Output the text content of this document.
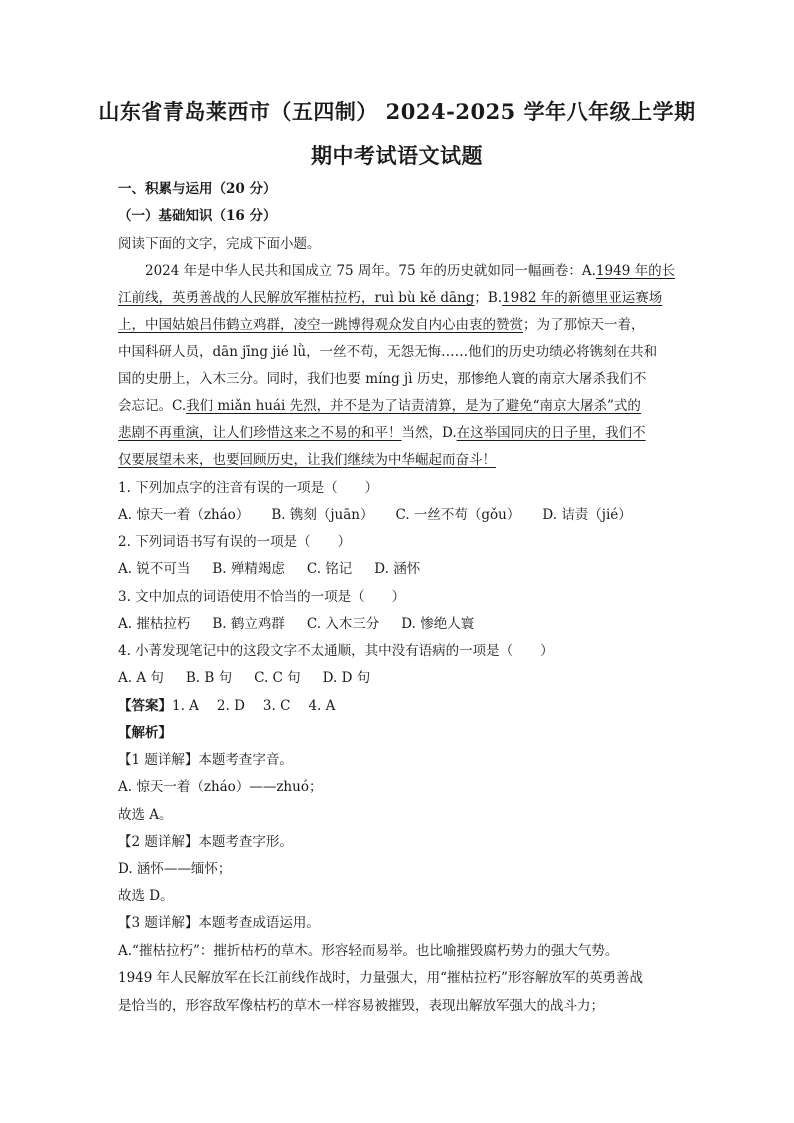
山东省青岛莱西市（五四制） 2024-2025 学年八年级上学期
期中考试语文试题
一、积累与运用（20 分）
（一）基础知识（16 分）
阅读下面的文字，完成下面小题。
　　2024 年是中华人民共和国成立 75 周年。75 年的历史就如同一幅画卷：A.1949 年的长
江前线，英勇善战的人民解放军摧枯拉朽，ruì bù kě dāng；B.1982 年的新德里亚运赛场
上，中国姑娘吕伟鹤立鸡群，凌空一跳博得观众发自内心由衷的赞赏；为了那惊天一着，
中国科研人员，dān jīng jié lǜ，一丝不苟，无怨无悔……他们的历史功绩必将镌刻在共和
国的史册上，入木三分。同时，我们也要 míng jì 历史，那惨绝人寰的南京大屠杀我们不
会忘记。C.我们 miǎn huái 先烈，并不是为了诘责清算，是为了避免“南京大屠杀”式的
悲剧不再重演，让人们珍惜这来之不易的和平！当然，D.在这举国同庆的日子里，我们不
仅要展望未来，也要回顾历史，让我们继续为中华崛起而奋斗！
1. 下列加点字的注音有误的一项是（　　）
A. 惊天一着（zháo） B. 镌刻（juān） C. 一丝不苟（gǒu） D. 诘责（jié）
2. 下列词语书写有误的一项是（　　）
A. 锐不可当 B. 殚精竭虑 C. 铭记 D. 涵怀
3. 文中加点的词语使用不恰当的一项是（　　）
A. 摧枯拉朽 B. 鹤立鸡群 C. 入木三分 D. 惨绝人寰
4. 小菁发现笔记中的这段文字不太通顺，其中没有语病的一项是（　　）
A. A 句 B. B 句 C. C 句 D. D 句
【答案】1. A 2. D 3. C 4. A
【解析】
【1 题详解】本题考查字音。
A. 惊天一着（zháo）——zhuó；
故选 A。
【2 题详解】本题考查字形。
D. 涵怀——缅怀；
故选 D。
【3 题详解】本题考查成语运用。
A.“摧枯拉朽”：摧折枯朽的草木。形容轻而易举。也比喻摧毁腐朽势力的强大气势。
1949 年人民解放军在长江前线作战时，力量强大，用“摧枯拉朽”形容解放军的英勇善战
是恰当的，形容敌军像枯朽的草木一样容易被摧毁，表现出解放军强大的战斗力；
